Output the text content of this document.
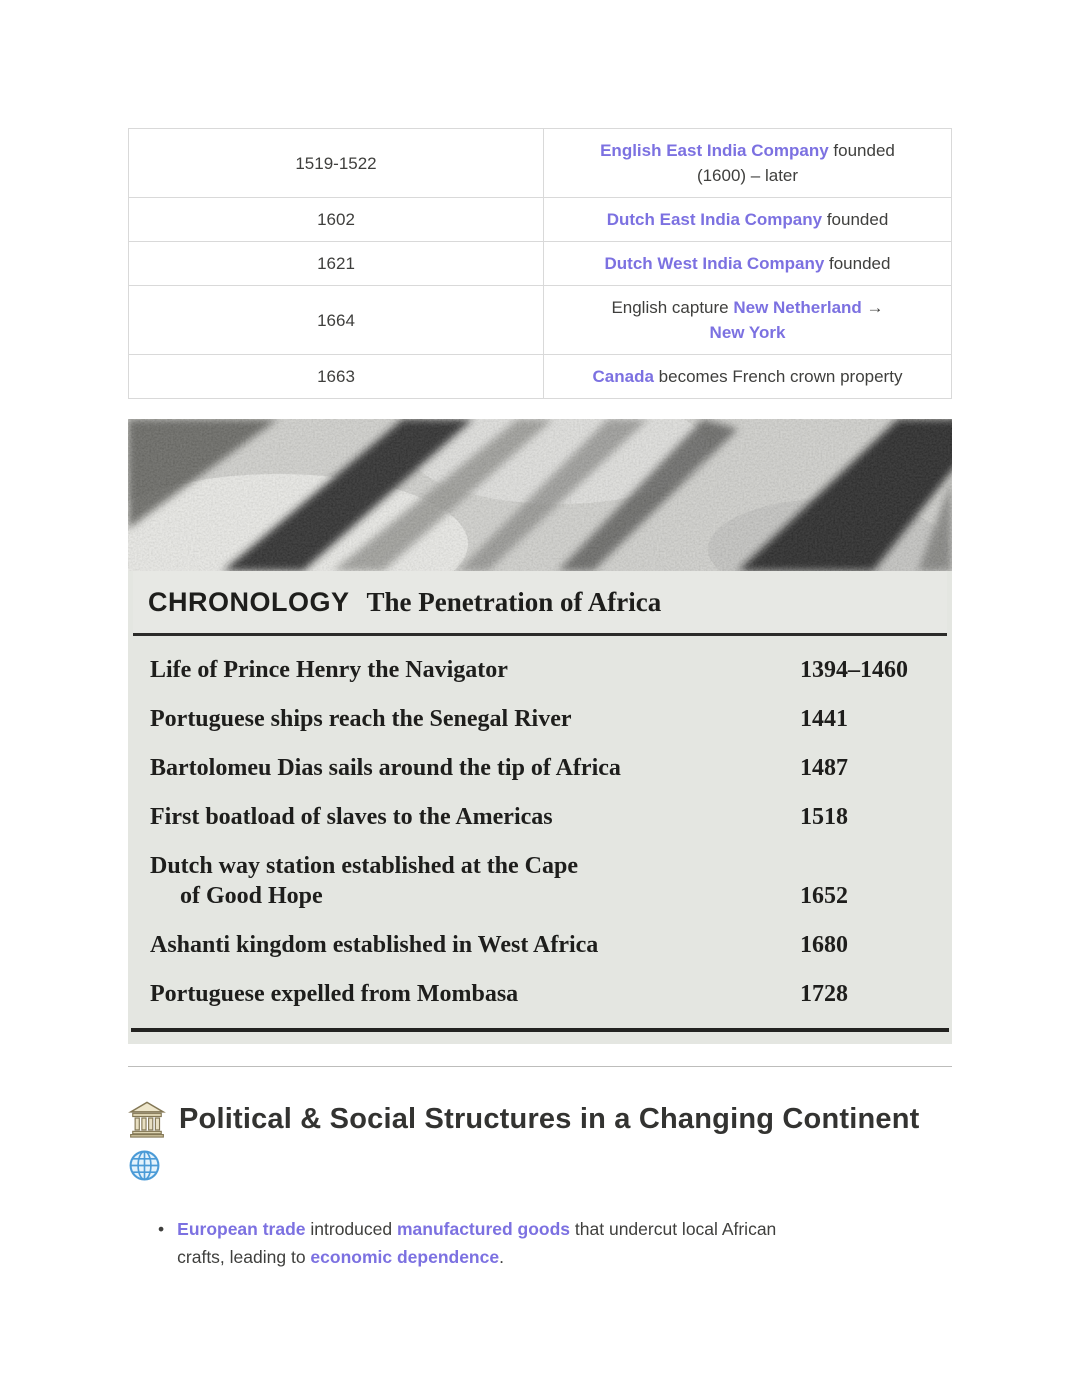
1519-1522	English East India Company founded
(1600) – later
1602	Dutch East India Company founded
1621	Dutch West India Company founded
1664	English capture New Netherland →
New York
1663	Canada becomes French crown property
CHRONOLOGY The Penetration of Africa
Life of Prince Henry the Navigator	1394–1460
Portuguese ships reach the Senegal River	1441
Bartolomeu Dias sails around the tip of Africa	1487
First boatload of slaves to the Americas	1518
Dutch way station established at the Cape
of Good Hope	1652
Ashanti kingdom established in West Africa	1680
Portuguese expelled from Mombasa	1728
Political & Social Structures in a Changing Continent
• European trade introduced manufactured goods that undercut local African
crafts, leading to economic dependence.
